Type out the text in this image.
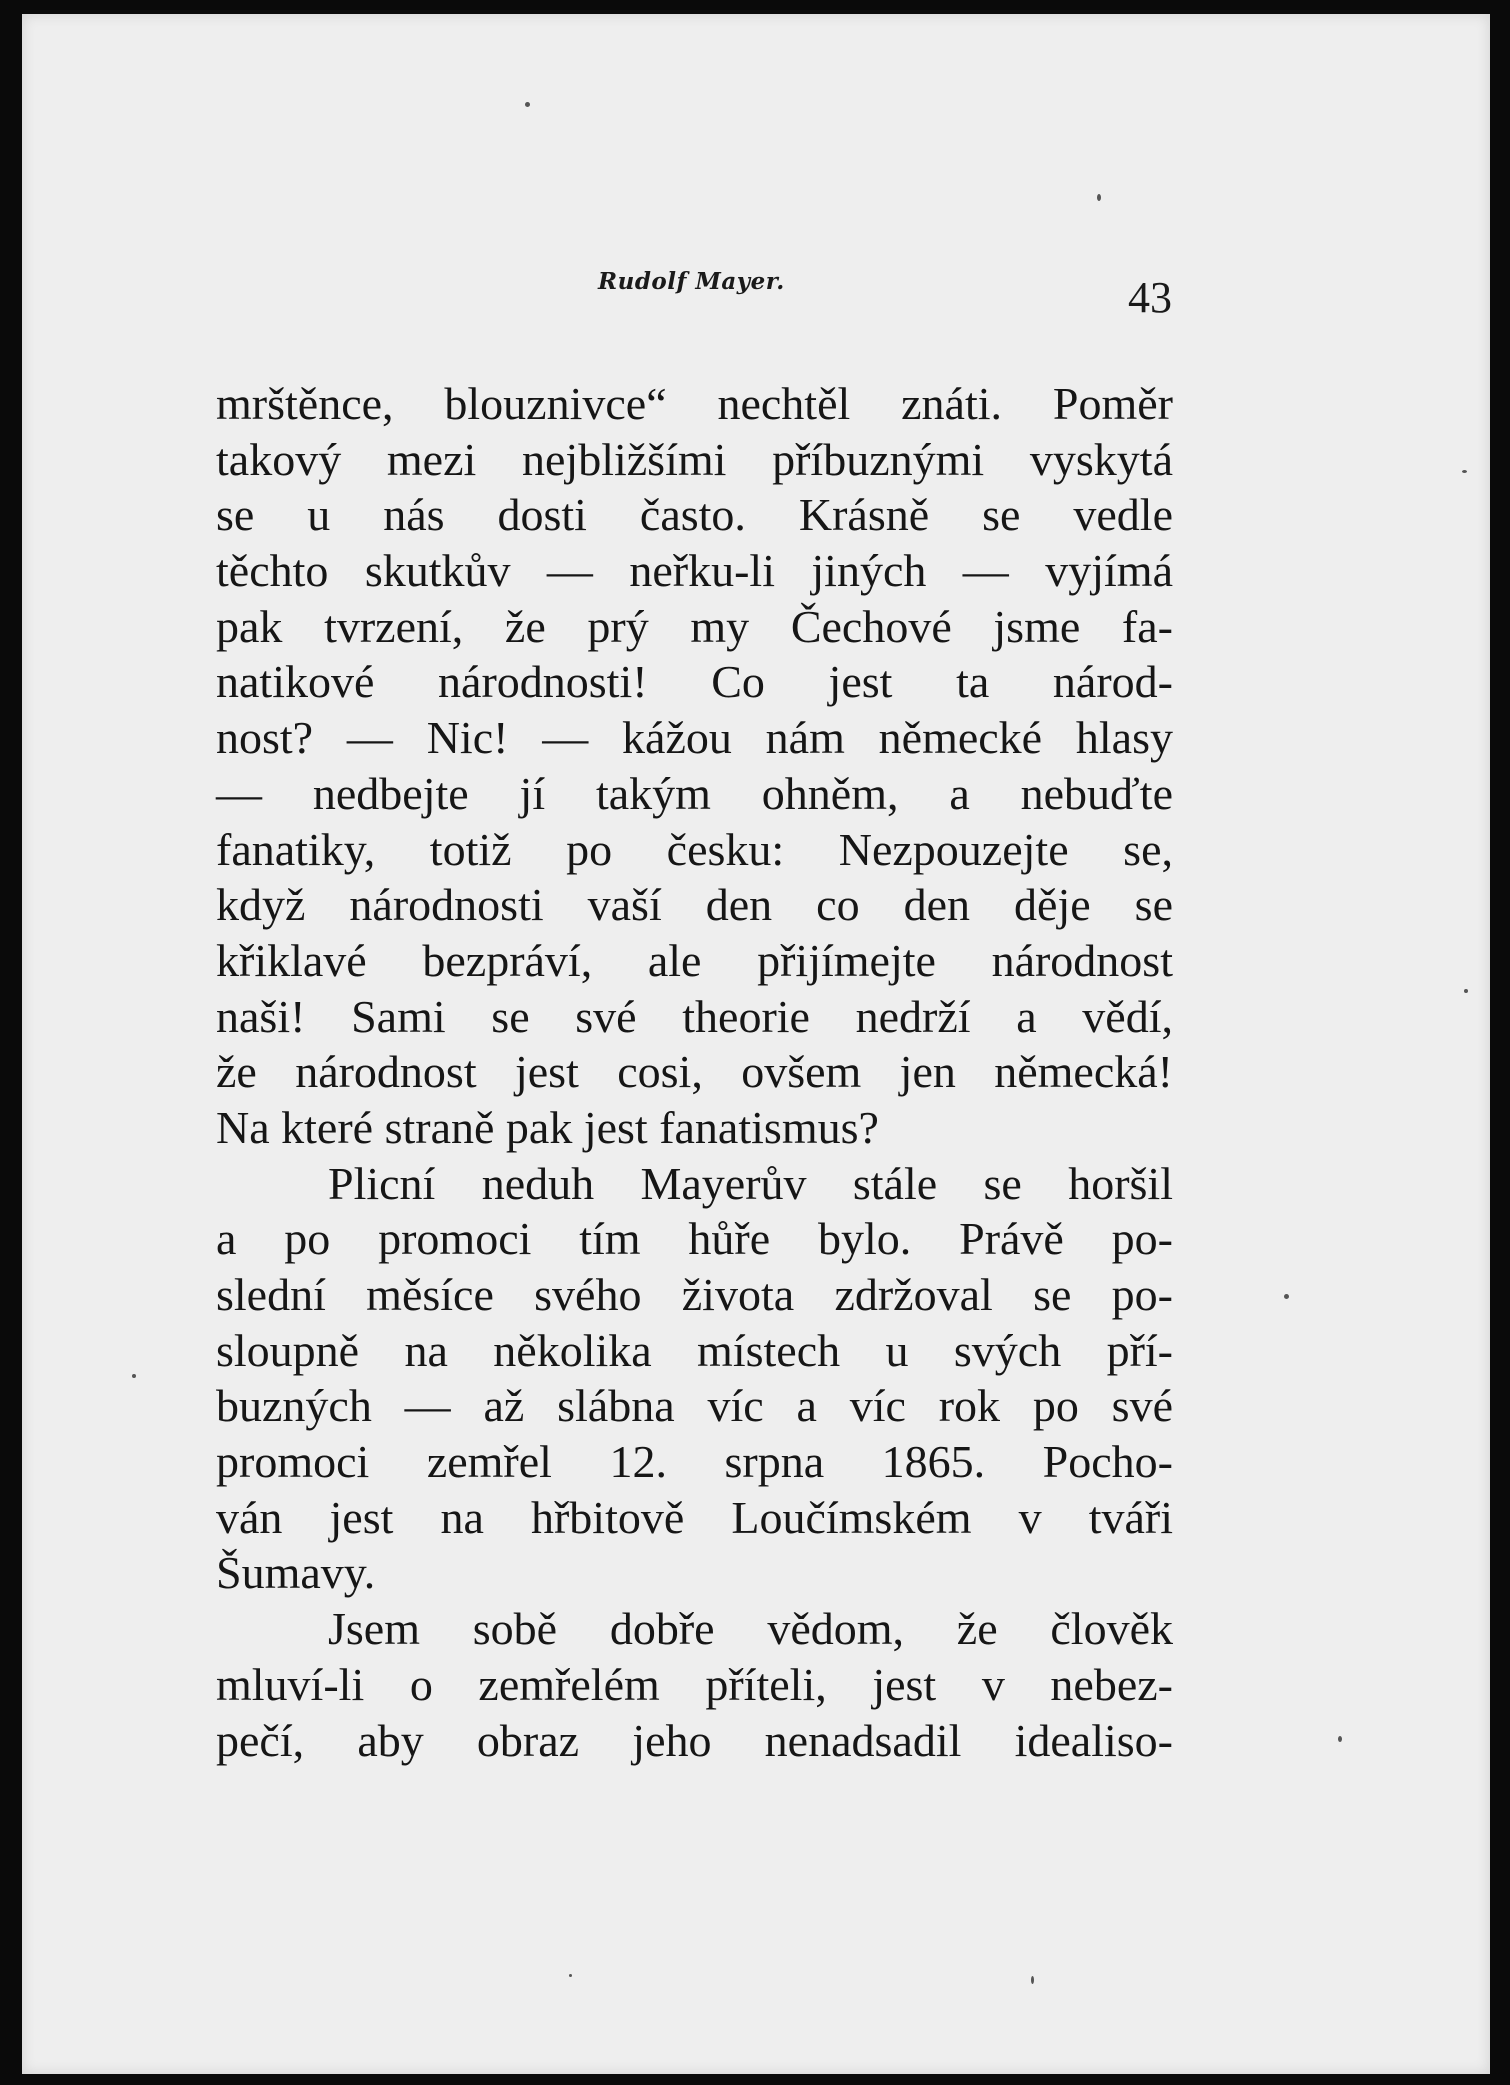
Rudolf Mayer.	43
mrštěnce, blouznivce“ nechtěl znáti. Poměr
takový mezi nejbližšími příbuznými vyskytá
se u nás dosti často. Krásně se vedle
těchto skutkův — neřku-li jiných — vyjímá
pak tvrzení, že prý my Čechové jsme fa-
natikové národnosti! Co jest ta národ-
nost? — Nic! — kážou nám německé hlasy
— nedbejte jí takým ohněm, a nebuďte
fanatiky, totiž po česku: Nezpouzejte se,
když národnosti vaší den co den děje se
křiklavé bezpráví, ale přijímejte národnost
naši! Sami se své theorie nedrží a vědí,
že národnost jest cosi, ovšem jen německá!
Na které straně pak jest fanatismus?
Plicní neduh Mayerův stále se horšil
a po promoci tím hůře bylo. Právě po-
slední měsíce svého života zdržoval se po-
sloupně na několika místech u svých pří-
buzných — až slábna víc a víc rok po své
promoci zemřel 12. srpna 1865. Pocho-
ván jest na hřbitově Loučímském v tváři
Šumavy.
Jsem sobě dobře vědom, že člověk
mluví-li o zemřelém příteli, jest v nebez-
pečí, aby obraz jeho nenadsadil idealiso-
